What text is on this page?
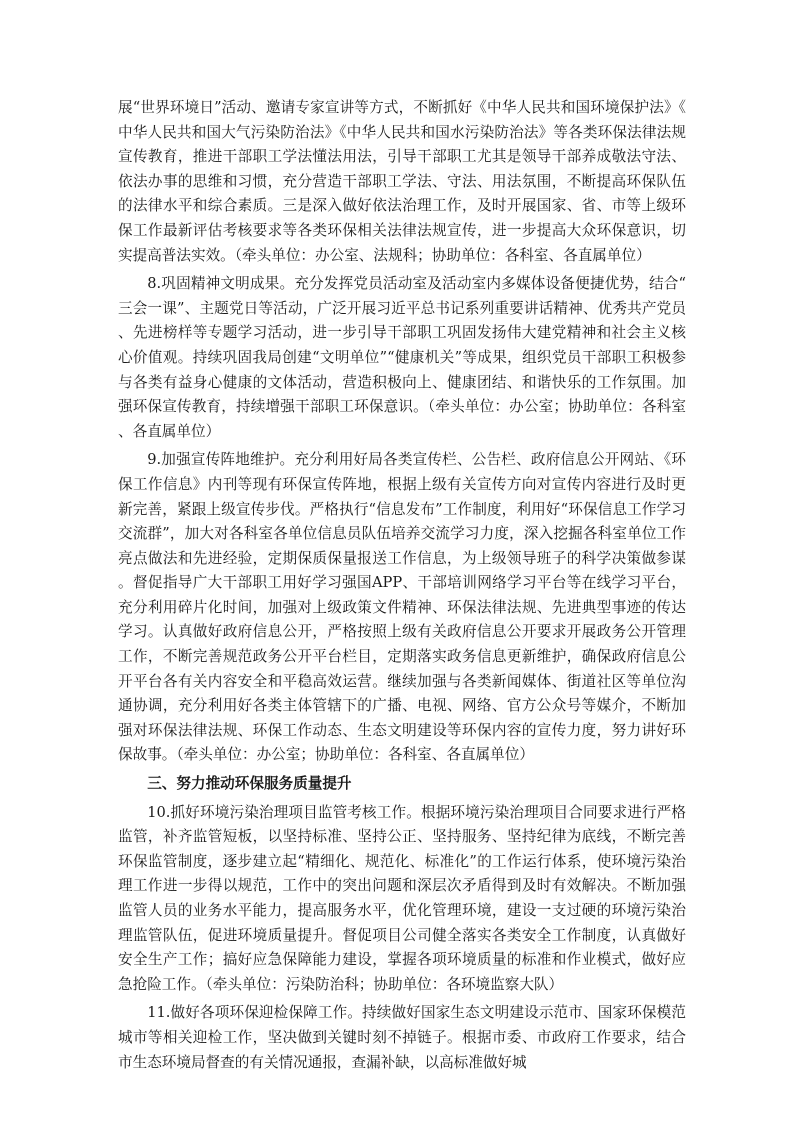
展“世界环境日”活动、邀请专家宣讲等方式，不断抓好《中华人民共和国环境保护法》《中华人民共和国大气污染防治法》《中华人民共和国水污染防治法》等各类环保法律法规宣传教育，推进干部职工学法懂法用法，引导干部职工尤其是领导干部养成敬法守法、依法办事的思维和习惯，充分营造干部职工学法、守法、用法氛围，不断提高环保队伍的法律水平和综合素质。三是深入做好依法治理工作，及时开展国家、省、市等上级环保工作最新评估考核要求等各类环保相关法律法规宣传，进一步提高大众环保意识，切实提高普法实效。（牵头单位：办公室、法规科；协助单位：各科室、各直属单位）

8.巩固精神文明成果。充分发挥党员活动室及活动室内多媒体设备便捷优势，结合“三会一课”、主题党日等活动，广泛开展习近平总书记系列重要讲话精神、优秀共产党员、先进榜样等专题学习活动，进一步引导干部职工巩固发扬伟大建党精神和社会主义核心价值观。持续巩固我局创建“文明单位”“健康机关”等成果，组织党员干部职工积极参与各类有益身心健康的文体活动，营造积极向上、健康团结、和谐快乐的工作氛围。加强环保宣传教育，持续增强干部职工环保意识。（牵头单位：办公室；协助单位：各科室、各直属单位）

9.加强宣传阵地维护。充分利用好局各类宣传栏、公告栏、政府信息公开网站、《环保工作信息》内刊等现有环保宣传阵地，根据上级有关宣传方向对宣传内容进行及时更新完善，紧跟上级宣传步伐。严格执行“信息发布”工作制度，利用好“环保信息工作学习交流群”，加大对各科室各单位信息员队伍培养交流学习力度，深入挖掘各科室单位工作亮点做法和先进经验，定期保质保量报送工作信息，为上级领导班子的科学决策做参谋。督促指导广大干部职工用好学习强国APP、干部培训网络学习平台等在线学习平台，充分利用碎片化时间，加强对上级政策文件精神、环保法律法规、先进典型事迹的传达学习。认真做好政府信息公开，严格按照上级有关政府信息公开要求开展政务公开管理工作，不断完善规范政务公开平台栏目，定期落实政务信息更新维护，确保政府信息公开平台各有关内容安全和平稳高效运营。继续加强与各类新闻媒体、街道社区等单位沟通协调，充分利用好各类主体管辖下的广播、电视、网络、官方公众号等媒介，不断加强对环保法律法规、环保工作动态、生态文明建设等环保内容的宣传力度，努力讲好环保故事。（牵头单位：办公室；协助单位：各科室、各直属单位）

三、努力推动环保服务质量提升

10.抓好环境污染治理项目监管考核工作。根据环境污染治理项目合同要求进行严格监管，补齐监管短板，以坚持标准、坚持公正、坚持服务、坚持纪律为底线，不断完善环保监管制度，逐步建立起“精细化、规范化、标准化”的工作运行体系，使环境污染治理工作进一步得以规范，工作中的突出问题和深层次矛盾得到及时有效解决。不断加强监管人员的业务水平能力，提高服务水平，优化管理环境，建设一支过硬的环境污染治理监管队伍，促进环境质量提升。督促项目公司健全落实各类安全工作制度，认真做好安全生产工作；搞好应急保障能力建设，掌握各项环境质量的标准和作业模式，做好应急抢险工作。（牵头单位：污染防治科；协助单位：各环境监察大队）

11.做好各项环保迎检保障工作。持续做好国家生态文明建设示范市、国家环保模范城市等相关迎检工作，坚决做到关键时刻不掉链子。根据市委、市政府工作要求，结合市生态环境局督查的有关情况通报，查漏补缺，以高标准做好城
